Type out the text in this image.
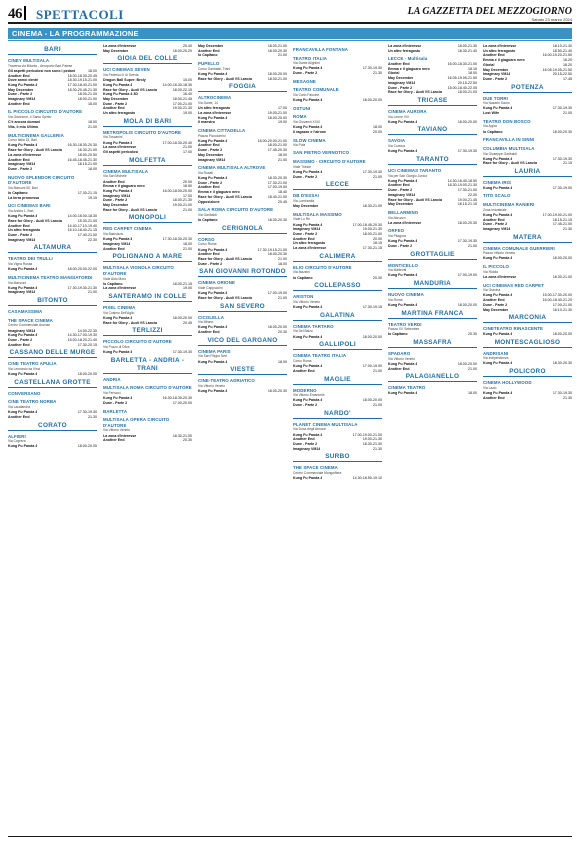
46	SPETTACOLI	LA GAZZETTA DEL MEZZOGIORNO
Sabato 23 marzo 2024
CINEMA - LA PROGRAMMAZIONE
BARI
CINEY MULTISALA
Traversa via Bitonto - Aeroporto Bari-Palese
Gli aspetti pericolosi non sono i pedoni	18.00
Another End	18.00-18.30-20.45
Dove annoi dentri	18.30-19.15-21.00
Kung Fu Panda 4	17.30-18.40-21.00
May December	18.30-20.45-21.30
Dune - Parte 2	18.00-21.00
Imaginary VM14	18.00-21.00
Another End	18.00
IL PICCOLO CIRCUITO D'AUTORE
Via Giannone, 4 Santo Spirito
C'è ancora domani	18.00
Vita, il mio Ultimo	21.00
MULTICINEMA GALLERIA
Corso Italia 15, Bari
Kung Fu Panda 4	16.30-18.30-20.30
Race for Glory - Audi VS Lancia	16.30-21.00
La zona d'interesse	18.00-20.50
Another End	16.45-18.45-21.30
Imaginary VM14	18.15-21.00
Dune - Parte 2	18.00
NUOVO SPLENDOR CIRCUITO D'AUTORE
Via Marconi 50, Bari
Io Capitano	17.30-21.15
La terra promessa	19.15
UCI CINEMAS BARI
Via Andria 1, Bari
Kung Fu Panda 4	14.00-16.00-18.30
Race for Glory - Audi VS Lancia	15.30-21.00
Another End	14.40-17.10-19.40
Un altro ferragosto	16.10-18.40-21.15
Dune - Parte 2	17.40-21.00
Imaginary VM14	22.30
ALTAMURA
TEATRO DEI TRULLI
Via Vigna Rossa
Kung Fu Panda 4	18.00-20.00-22.00
MULTICINEMA TEATRO MANGIATORDI
Via Manzoni
Kung Fu Panda 4	17.30-19.30-21.30
Imaginary VM14	21.00
BITONTO
CASAMASSIMA
THE SPACE CINEMA
Centro Commerciale Auchan
Imaginary VM14	14.00-22.30
Kung Fu Panda 4	14.30-17.00-19.30
Dune - Parte 2	15.00-18.20-21.40
Another End	17.30-20.15
CASSANO DELLE MURGE
CINE TEATRO APULIA
Via Leonardo da Vinci
Kung Fu Panda 4	18.00-20.00
CASTELLANA GROTTE
CONVERSANO
CINE TEATRO NORBA
Via Lacalandra
Kung Fu Panda 4	17.30-19.30
Another End	21.30
CORATO
ALFIERI
Via Caprera
Kung Fu Panda 4	18.00-20.00
La zona d'interesse	20.40
May December	18.00-20.20
GIOIA DEL COLLE
UCI CINEMAS SEVEN
Via Federico II di Svevia
Dragon Ball Super: Broly	15.00
Kung Fu Panda 4	14.00-16.30-18.30
Race for Glory - Audi VS Lancia	18.00-22.15
Kung Fu Panda 4 3D	16.40
May December	18.00-21.45
Dune - Parte 2	17.00-21.00
Another End	19.00-21.30
Un altro ferragosto	19.00
MOLA DI BARI
METROPOLIS CIRCUITO D'AUTORE
Via Toscanini
Kung Fu Panda 4	17.00-18.30-20.40
La zona d'interesse	21.00
Gli aspetti pericolosi	17.00
MOLFETTA
CINEMA MULTISALA
Via San Michele
Another End	20.00
Emma e il giaguaro nero	18.50
Kung Fu Panda 4	16.00-18.00-20.00
Imaginary VM14	17.00
Dune - Parte 2	18.00-21.30
May December	19.00-21.00
Race for Glory - Audi VS Lancia	21.00
MONOPOLI
RED CARPET CINEMA
Via Bainsizza
Kung Fu Panda 4	17.30-18.30-20.30
Imaginary VM14	18.00
Another End	21.00
POLIGNANO A MARE
MULTISALA VIGNOLA CIRCUITO D'AUTORE
Viale Aldo Moro
Io Capitano	18.00-21.15
La zona d'interesse	19.00
SANTERAMO IN COLLE
PIXEL CINEMA
Via Cosimo Dell'Aglio
Kung Fu Panda 4	18.00-20.00
Race for Glory - Audi VS Lancia	20.45
TERLIZZI
PICCOLO CIRCUITO D'AUTORE
Via Pozzo di Dilva
Kung Fu Panda 4	17.30-19.30
BARLETTA - ANDRIA - TRANI
ANDRIA
MULTISALA ROMA CIRCUITO D'AUTORE
Via Ferrucci
Kung Fu Panda 4	16.30-18.30-20.30
Dune - Parte 2	17.00-20.00
BARLETTA
MULTISALA OPERA CIRCUITO D'AUTORE
Via Vittorio Veneto
La zona d'interesse	18.30-21.00
Another End	20.30
May December	18.00-21.00
Another End	18.00-20.30
Io Capitano	21.00
PUPELLO
Corso Garibaldi, Trani
Kung Fu Panda 4	18.00-20.00
Race for Glory - Audi VS Lancia	18.00-21.00
FOGGIA
ALTROCINEMA
Via Dante, 14
Un altro ferragosto	17.00
La zona d'interesse	19.00-21.00
Kung Fu Panda 4	18.00-20.00
Il maestro	19.00
CINEMA CITTADELLA
Piazza Piccolomini
Kung Fu Panda 4	18.00-20.00-21.00
Another End	18.00-21.00
Dune - Parte 2	17.45-20.30
May December	18.00
Imaginary VM14	21.00
CINEMA MULTISALA ALTROVE
Via Rosati
Kung Fu Panda 4	18.30-20.30
Dune - Parte 2	17.30-21.00
Another End	17.00-19.00
Emma e il giaguaro nero	18.40
Race for Glory - Audi VS Lancia	18.40-21.00
Opposizione	20.45
SALA ROMA CIRCUITO D'AUTORE
Via Garibaldi
Io Capitano	18.00-20.30
CERIGNOLA
CORSO
Corso Roma
Kung Fu Panda 4	17.30-19.15-21.00
Another End	18.00-20.30
Race for Glory - Audi VS Lancia	21.00
Dune - Parte 2	18.00
SAN GIOVANNI ROTONDO
CINEMA ORIONE
Viale Cappuccini
Kung Fu Panda 4	17.00-19.00
Race for Glory - Audi VS Lancia	21.00
SAN SEVERO
CICOLELLA
Via Milano
Kung Fu Panda 4	18.00-20.00
Another End	20.30
VICO DEL GARGANO
CINEMA PARIS
Via San Filippo Neri
Kung Fu Panda 4	18.00
VIESTE
CINE-TEATRO ADRIATICO
Via Vittorio Veneto
Kung Fu Panda 4	18.00-20.30
FRANCAVILLA FONTANA
TEATRO ITALIA
Via Dante Alighieri
Kung Fu Panda 4	17.30-19.30
Dune - Parte 2	21.30
MESAGNE
TEATRO COMUNALE
Via Carlo Falcone
Kung Fu Panda 4	18.00-20.00
OSTUNI
ROMA
Via Giovanni XXIII
Kung Fu Panda 4	18.00
Il ragazzo e l'airone	20.00
SLOW CINEMA
Via Pola
SAN PIETRO VERNOTICO
MASSIMO - CIRCUITO D'AUTORE
Viale Trieste
Kung Fu Panda 4	17.30-19.30
Dune - Parte 2	21.00
LECCE
DB D'ESSAI
Via Lombardia
May December	18.30-21.00
MULTISALA MASSIMO
Viale Lo Re
Kung Fu Panda 4	17.00-18.45-20.30
Imaginary VM14	19.00-21.30
Dune - Parte 2	18.00-21.00
Another End	20.00
Un altro ferragosto	18.15
La zona d'interesse	17.30-21.15
CALIMERA
ELIO CIRCUITO D'AUTORE
Via Mazzini
Io Capitano	20.30
COLLEPASSO
ARISTON
Via Vittorio Veneto
Kung Fu Panda 4	17.30-19.15
GALATINA
CINEMA TARTARO
Via Del Balzo
Kung Fu Panda 4	18.00-20.00
GALLIPOLI
CINEMA TEATRO ITALIA
Corso Roma
Kung Fu Panda 4	17.00-19.00
Another End	21.00
MAGLIE
MODERNO
Via Vittorio Emanuele
Kung Fu Panda 4	18.00-20.00
Dune - Parte 2	21.00
NARDO'
PLANET CINEMA MULTISALA
Via Duca degli Abruzzi
Kung Fu Panda 4	17.00-19.00-21.00
Another End	19.00-21.30
Dune - Parte 2	18.30-21.30
Imaginary VM14	21.30
SURBO
THE SPACE CINEMA
Centro Commerciale Mongolfiera
Kung Fu Panda 4	14.30-16.50-19.10
La zona d'interesse	18.00-21.30
Un altro ferragosto	18.30-21.40
LECCE - Multisala
Another End	16.00-18.30-21.00
Emma e il giaguaro nero	18.15
Gloria!	18.00
May December	16.05-19.05-21.50
Imaginary VM14	20.15-22.50
Dune - Parte 2	15.00-18.40-22.05
Race for Glory - Audi VS Lancia	18.00-21.00
TRICASE
CINEMA AURORA
Via Leone XIII
Kung Fu Panda 4	18.00-20.00
TAVIANO
SAVOIA
Via Corsica
Kung Fu Panda 4	17.30-19.30
TARANTO
UCI CINEMAS TARANTO
Via per San Giorgio Jonico
Kung Fu Panda 4	14.30-16.40-18.50
Another End	16.30-19.00-21.30
Dune - Parte 2	17.30-21.00
Imaginary VM14	22.30
Race for Glory - Audi VS Lancia	19.00-21.45
May December	18.15-21.15
BELLARMINO
Via Abruzzo
La zona d'interesse	18.00-20.30
ORFEO
Via Pitagora
Kung Fu Panda 4	17.30-19.30
Dune - Parte 2	21.00
GROTTAGLIE
MONTICELLO
Via Matteotti
Kung Fu Panda 4	17.00-19.00
MANDURIA
NUOVO CINEMA
Via Roma
Kung Fu Panda 4	18.00-20.00
MARTINA FRANCA
TEATRO VERDI
Piazza XX Settembre
Io Capitano	20.30
MASSAFRA
SPADARO
Via Vittorio Veneto
Kung Fu Panda 4	18.00-20.00
Another End	21.00
PALAGIANELLO
CINEMA TEATRO
Kung Fu Panda 4	18.00
La zona d'interesse	18.10-21.30
Un altro ferragosto	18.50-21.40
Another End	16.00-19.20-21.50
Emma e il giaguaro nero	16.20
Gloria!	18.20
May December	16.05-19.05-21.50
Imaginary VM14	20.15-22.50
Dune - Parte 2	17.45
POTENZA
DUE TORRI
Via Nazario Sauro
Kung Fu Panda 4	17.30-19.30
Lost Wife	21.00
TEATRO DON BOSCO
Via Appia
Io Capitano	18.00-20.30
FRANCAVILLA IN SINNI
COLUMBIA MULTISALA
Via Giuseppe Garibaldi
Kung Fu Panda 4	17.30-19.30
Race for Glory - Audi VS Lancia	21.15
LAURIA
CINEMA IRIS
Kung Fu Panda 4	17.30-19.00
TITO SCALO
MULTICINEMA RANIERI
Zona Industriale
Kung Fu Panda 4	17.00-19.00-21.00
Another End	18.15-21.15
Dune - Parte 2	17.45-21.00
Imaginary VM14	21.30
MATERA
CINEMA COMUNALE GUERRIERI
Piazza Vittorio Veneto
Kung Fu Panda 4	18.00-20.00
IL PICCOLO
Via Ridola
La zona d'interesse	18.30-21.00
UCI CINEMAS RED CARPET
Via Gravina
Kung Fu Panda 4	15.00-17.30-20.00
Another End	16.00-18.40-21.20
Dune - Parte 2	17.00-21.00
May December	18.10-21.30
MARCONIA
CINETEATRO RINASCENTE
Kung Fu Panda 4	18.00-20.00
MONTESCAGLIOSO
ANDRISANI
Via Indipendenza
Kung Fu Panda 4	18.30-20.30
POLICORO
CINEMA HOLLYWOOD
Via Lazio
Kung Fu Panda 4	17.30-19.30
Another End	21.30
